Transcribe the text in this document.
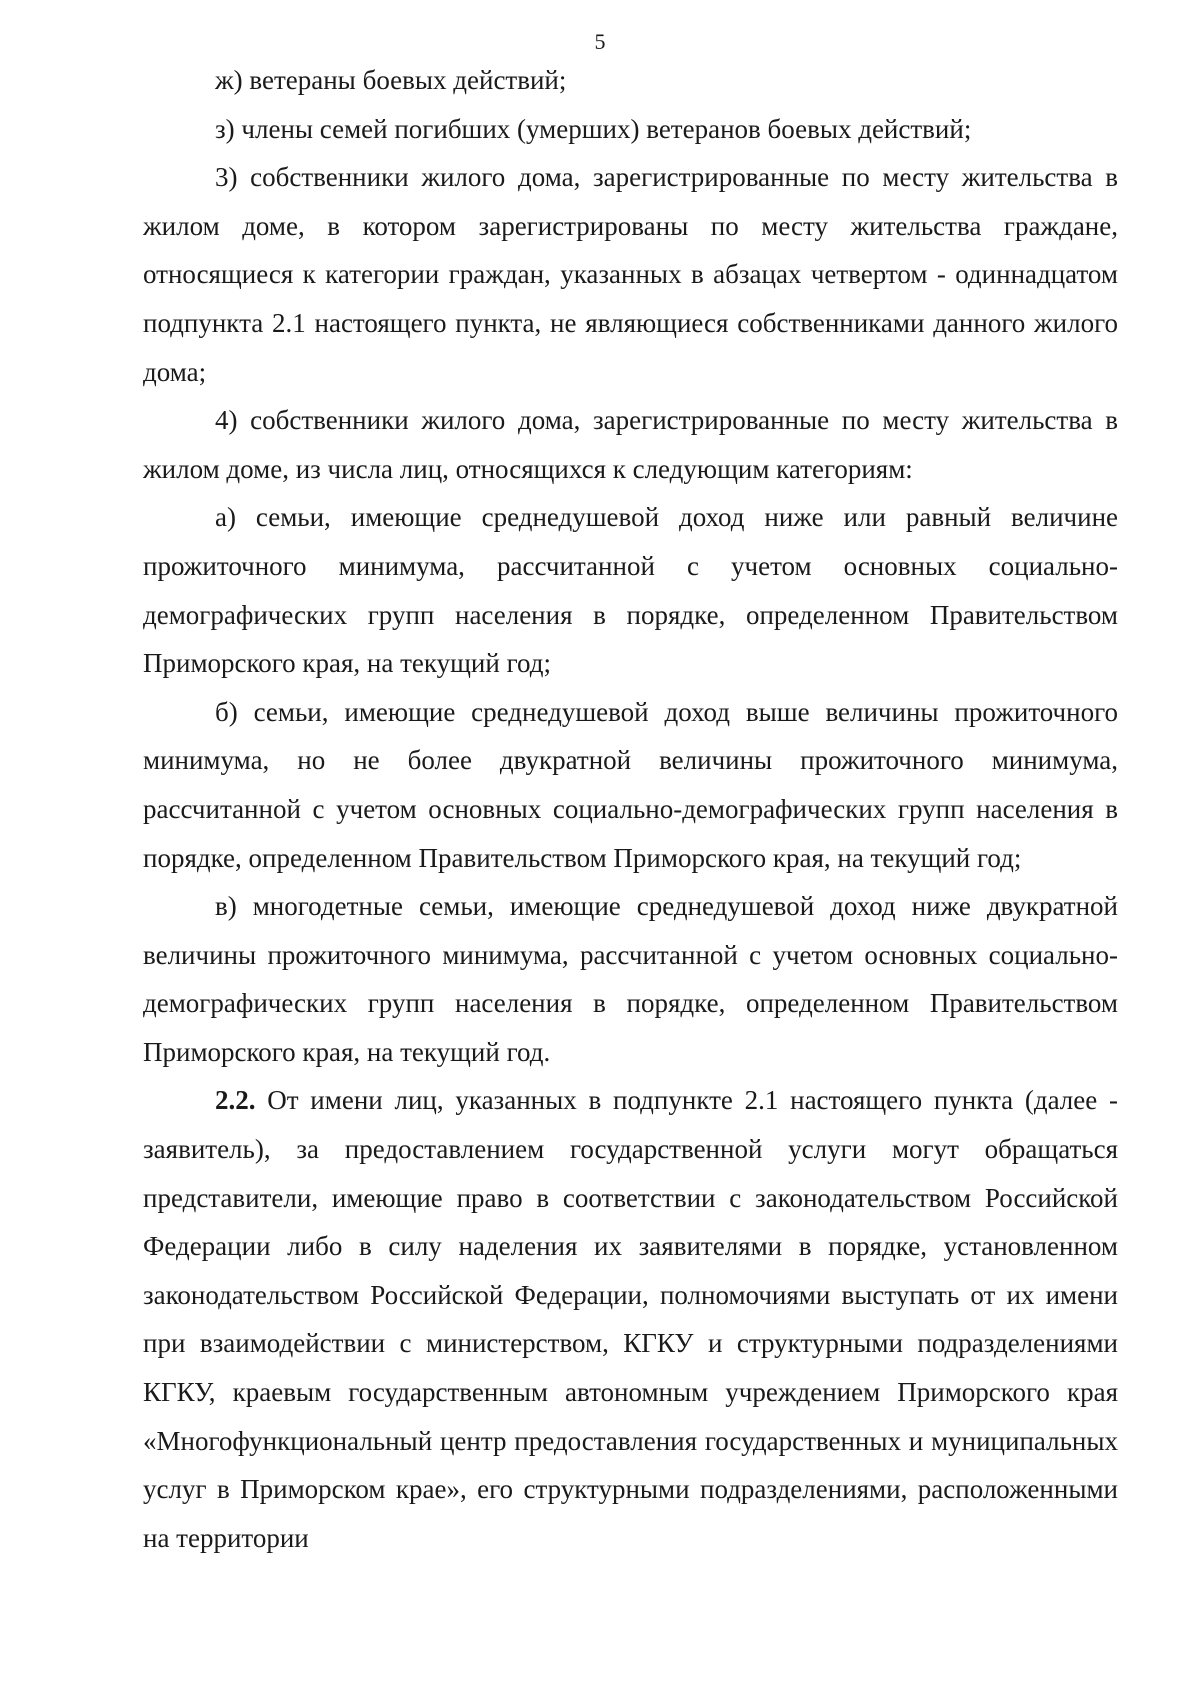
5

ж) ветераны боевых действий;

з) члены семей погибших (умерших) ветеранов боевых действий;

3) собственники жилого дома, зарегистрированные по месту жительства в жилом доме, в котором зарегистрированы по месту жительства граждане, относящиеся к категории граждан, указанных в абзацах четвертом - одиннадцатом подпункта 2.1 настоящего пункта, не являющиеся собственниками данного жилого дома;

4) собственники жилого дома, зарегистрированные по месту жительства в жилом доме, из числа лиц, относящихся к следующим категориям:

а) семьи, имеющие среднедушевой доход ниже или равный величине прожиточного минимума, рассчитанной с учетом основных социально-демографических групп населения в порядке, определенном Правительством Приморского края, на текущий год;

б) семьи, имеющие среднедушевой доход выше величины прожиточного минимума, но не более двукратной величины прожиточного минимума, рассчитанной с учетом основных социально-демографических групп населения в порядке, определенном Правительством Приморского края, на текущий год;

в) многодетные семьи, имеющие среднедушевой доход ниже двукратной величины прожиточного минимума, рассчитанной с учетом основных социально-демографических групп населения в порядке, определенном Правительством Приморского края, на текущий год.

2.2. От имени лиц, указанных в подпункте 2.1 настоящего пункта (далее - заявитель), за предоставлением государственной услуги могут обращаться представители, имеющие право в соответствии с законодательством Российской Федерации либо в силу наделения их заявителями в порядке, установленном законодательством Российской Федерации, полномочиями выступать от их имени при взаимодействии с министерством, КГКУ и структурными подразделениями КГКУ, краевым государственным автономным учреждением Приморского края «Многофункциональный центр предоставления государственных и муниципальных услуг в Приморском крае», его структурными подразделениями, расположенными на территории
